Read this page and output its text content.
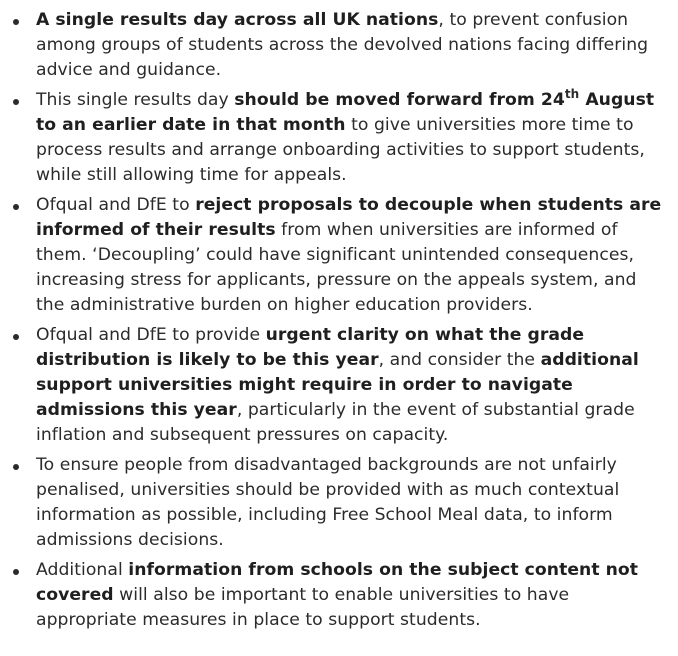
A single results day across all UK nations, to prevent confusion among groups of students across the devolved nations facing differing advice and guidance.
This single results day should be moved forward from 24th August to an earlier date in that month to give universities more time to process results and arrange onboarding activities to support students, while still allowing time for appeals.
Ofqual and DfE to reject proposals to decouple when students are informed of their results from when universities are informed of them. ‘Decoupling’ could have significant unintended consequences, increasing stress for applicants, pressure on the appeals system, and the administrative burden on higher education providers.
Ofqual and DfE to provide urgent clarity on what the grade distribution is likely to be this year, and consider the additional support universities might require in order to navigate admissions this year, particularly in the event of substantial grade inflation and subsequent pressures on capacity.
To ensure people from disadvantaged backgrounds are not unfairly penalised, universities should be provided with as much contextual information as possible, including Free School Meal data, to inform admissions decisions.
Additional information from schools on the subject content not covered will also be important to enable universities to have appropriate measures in place to support students.
